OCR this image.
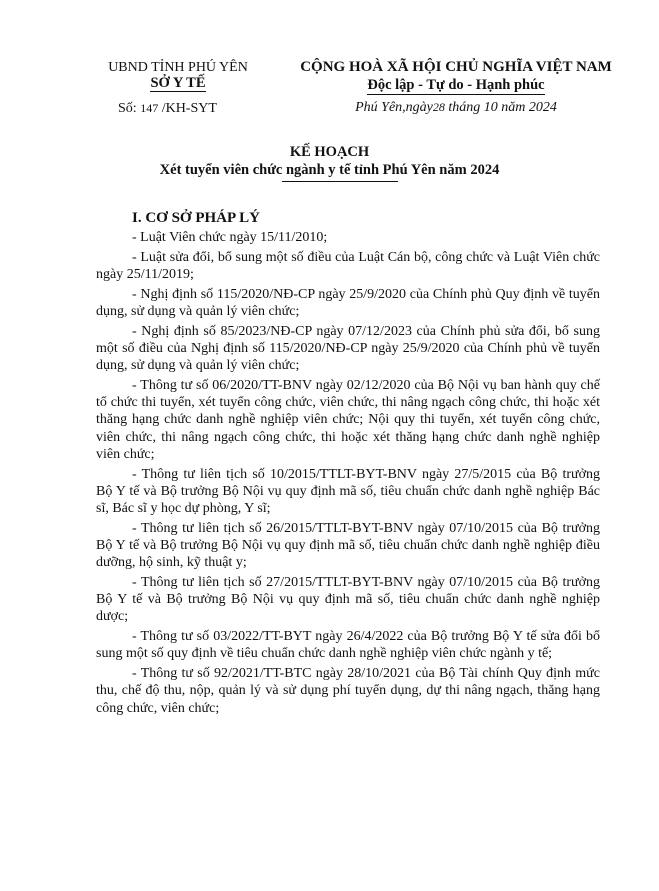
UBND TỈNH PHÚ YÊN
SỞ Y TẾ
Số: 147 /KH-SYT
CỘNG HOÀ XÃ HỘI CHỦ NGHĨA VIỆT NAM
Độc lập - Tự do - Hạnh phúc
Phú Yên,ngày28 tháng 10 năm 2024
KẾ HOẠCH
Xét tuyển viên chức ngành y tế tỉnh Phú Yên năm 2024
I. CƠ SỞ PHÁP LÝ

- Luật Viên chức ngày 15/11/2010;

- Luật sửa đổi, bổ sung một số điều của Luật Cán bộ, công chức và Luật Viên chức ngày 25/11/2019;

- Nghị định số 115/2020/NĐ-CP ngày 25/9/2020 của Chính phủ Quy định về tuyển dụng, sử dụng và quản lý viên chức;

- Nghị định số 85/2023/NĐ-CP ngày 07/12/2023 của Chính phủ sửa đổi, bổ sung một số điều của Nghị định số 115/2020/NĐ-CP ngày 25/9/2020 của Chính phủ về tuyển dụng, sử dụng và quản lý viên chức;

- Thông tư số 06/2020/TT-BNV ngày 02/12/2020 của Bộ Nội vụ ban hành quy chế tổ chức thi tuyển, xét tuyển công chức, viên chức, thi nâng ngạch công chức, thi hoặc xét thăng hạng chức danh nghề nghiệp viên chức; Nội quy thi tuyển, xét tuyển công chức, viên chức, thi nâng ngạch công chức, thi hoặc xét thăng hạng chức danh nghề nghiệp viên chức;

- Thông tư liên tịch số 10/2015/TTLT-BYT-BNV ngày 27/5/2015 của Bộ trưởng Bộ Y tế và Bộ trưởng Bộ Nội vụ quy định mã số, tiêu chuẩn chức danh nghề nghiệp Bác sĩ, Bác sĩ y học dự phòng, Y sĩ;

- Thông tư liên tịch số 26/2015/TTLT-BYT-BNV ngày 07/10/2015 của Bộ trưởng Bộ Y tế và Bộ trưởng Bộ Nội vụ quy định mã số, tiêu chuẩn chức danh nghề nghiệp điều dưỡng, hộ sinh, kỹ thuật y;

- Thông tư liên tịch số 27/2015/TTLT-BYT-BNV ngày 07/10/2015 của Bộ trưởng Bộ Y tế và Bộ trưởng Bộ Nội vụ quy định mã số, tiêu chuẩn chức danh nghề nghiệp dược;

- Thông tư số 03/2022/TT-BYT ngày 26/4/2022 của Bộ trưởng Bộ Y tế sửa đổi bổ sung một số quy định về tiêu chuẩn chức danh nghề nghiệp viên chức ngành y tế;

- Thông tư số 92/2021/TT-BTC ngày 28/10/2021 của Bộ Tài chính Quy định mức thu, chế độ thu, nộp, quản lý và sử dụng phí tuyển dụng, dự thi nâng ngạch, thăng hạng công chức, viên chức;
